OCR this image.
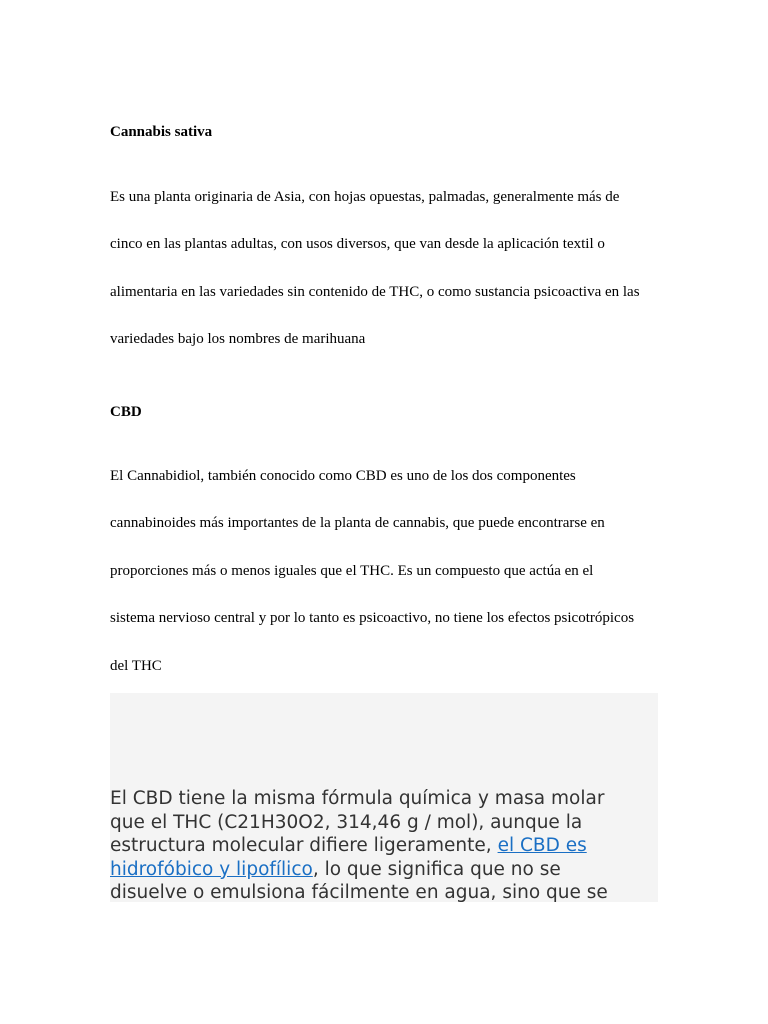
Cannabis sativa
Es una planta originaria de Asia, con hojas opuestas, palmadas, generalmente más de
cinco en las plantas adultas, con usos diversos, que van desde la aplicación textil o
alimentaria en las variedades sin contenido de THC, o como sustancia psicoactiva en las
variedades bajo los nombres de marihuana
CBD
El Cannabidiol, también conocido como CBD es uno de los dos componentes
cannabinoides más importantes de la planta de cannabis, que puede encontrarse en
proporciones más o menos iguales que el THC. Es un compuesto que actúa en el
sistema nervioso central y por lo tanto es psicoactivo, no tiene los efectos psicotrópicos
del THC

El CBD tiene la misma fórmula química y masa molar
que el THC (C21H30O2, 314,46 g / mol), aunque la
estructura molecular difiere ligeramente, el CBD es
hidrofóbico y lipofílico, lo que significa que no se
disuelve o emulsiona fácilmente en agua, sino que se
